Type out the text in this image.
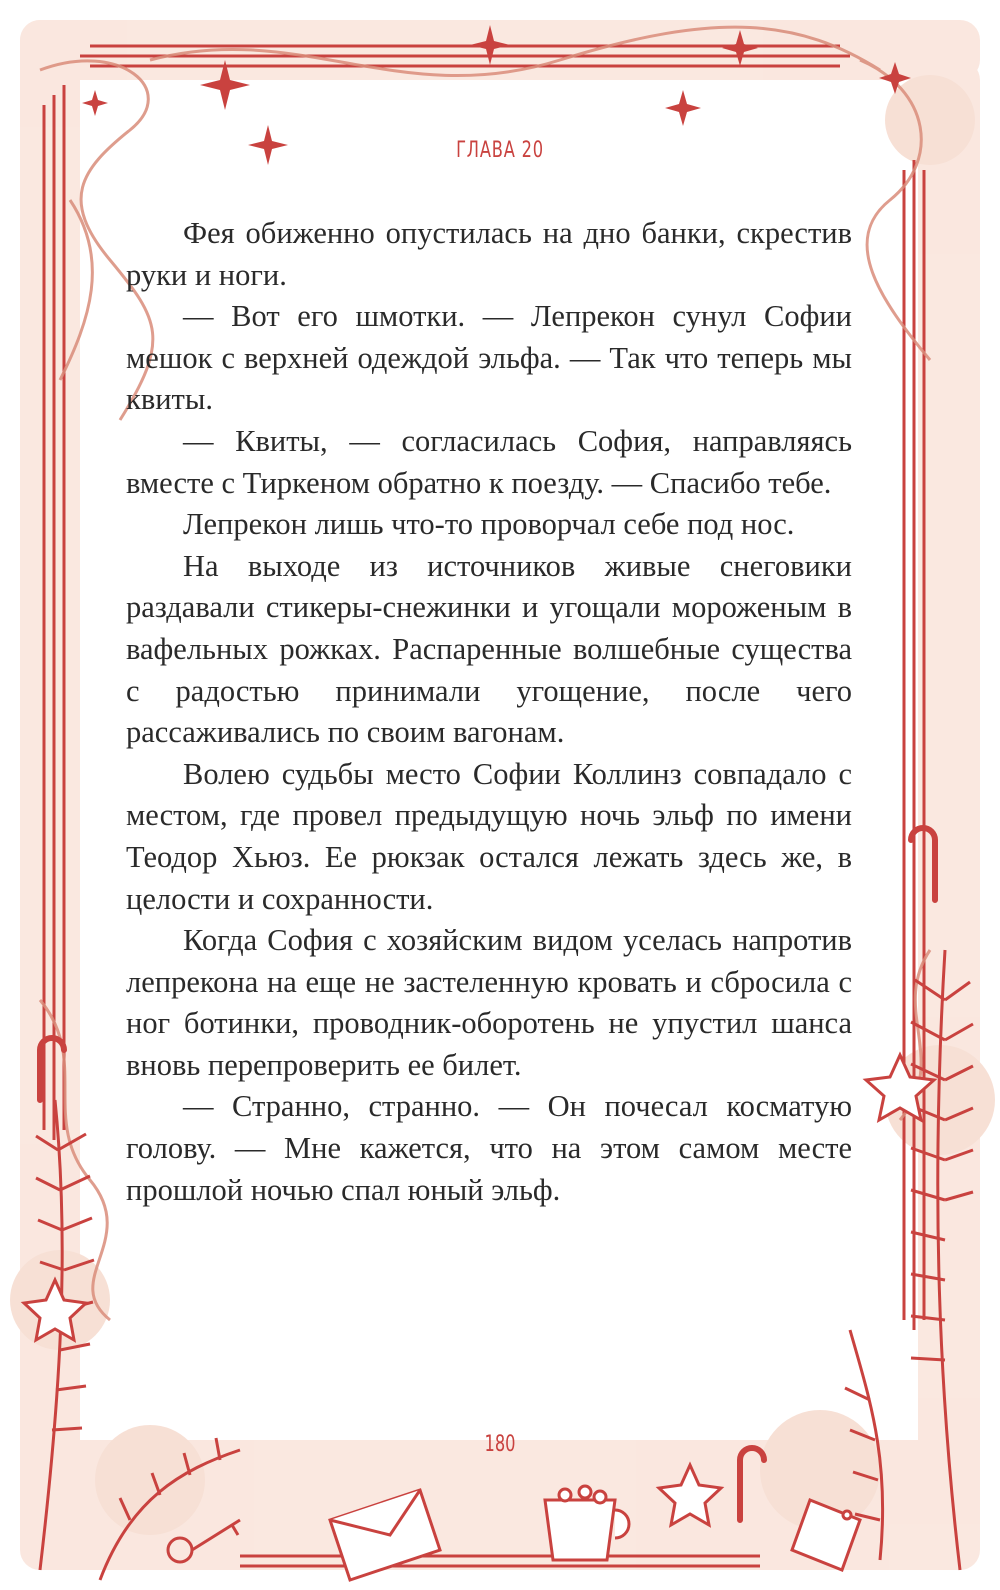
ГЛАВА 20

Фея обиженно опустилась на дно банки, скрестив руки и ноги.

— Вот его шмотки. — Лепрекон сунул Софии мешок с верхней одеждой эльфа. — Так что теперь мы квиты.

— Квиты, — согласилась София, направляясь вместе с Тиркеном обратно к поезду. — Спасибо тебе.

Лепрекон лишь что-то проворчал себе под нос.

На выходе из источников живые снеговики раздавали стикеры-снежинки и угощали мороженым в вафельных рожках. Распаренные волшебные существа с радостью принимали угощение, после чего рассаживались по своим вагонам.

Волею судьбы место Софии Коллинз совпадало с местом, где провел предыдущую ночь эльф по имени Теодор Хьюз. Ее рюкзак остался лежать здесь же, в целости и сохранности.

Когда София с хозяйским видом уселась напротив лепрекона на еще не застеленную кровать и сбросила с ног ботинки, проводник-оборотень не упустил шанса вновь перепроверить ее билет.

— Странно, странно. — Он почесал косматую голову. — Мне кажется, что на этом самом месте прошлой ночью спал юный эльф.

180
